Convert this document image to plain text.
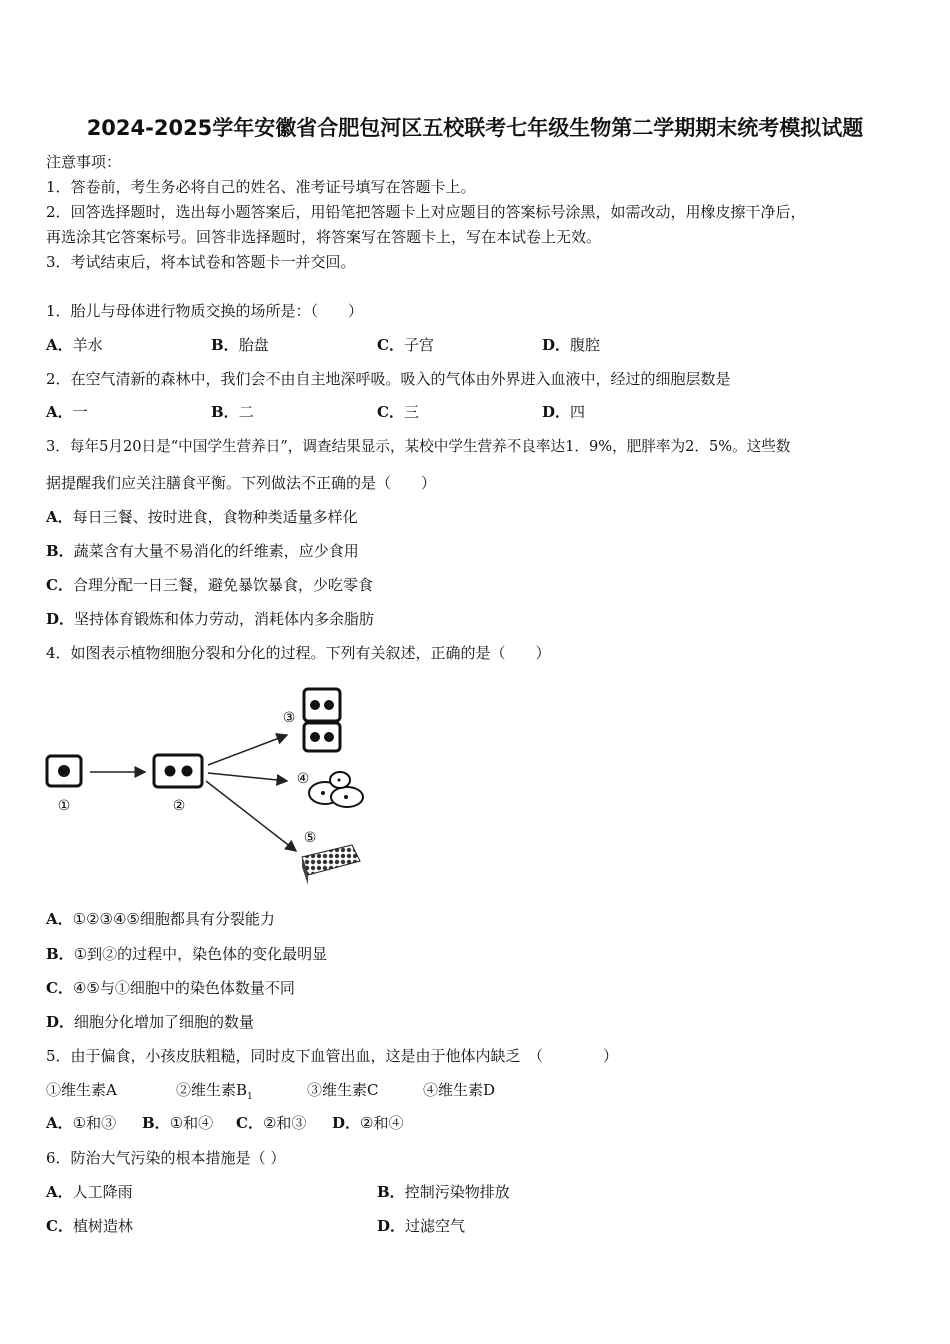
2024-2025学年安徽省合肥包河区五校联考七年级生物第二学期期末统考模拟试题
注意事项：
1．答卷前，考生务必将自己的姓名、准考证号填写在答题卡上。
2．回答选择题时，选出每小题答案后，用铅笔把答题卡上对应题目的答案标号涂黑，如需改动，用橡皮擦干净后，
再选涂其它答案标号。回答非选择题时，将答案写在答题卡上，写在本试卷上无效。
3．考试结束后，将本试卷和答题卡一并交回。
1．胎儿与母体进行物质交换的场所是：（　　）
A．羊水	B．胎盘	C．子宫	D．腹腔
2．在空气清新的森林中，我们会不由自主地深呼吸。吸入的气体由外界进入血液中，经过的细胞层数是
A．一	B．二	C．三	D．四
3．每年5月20日是“中国学生营养日”，调查结果显示，某校中学生营养不良率达1．9%，肥胖率为2．5%。这些数
据提醒我们应关注膳食平衡。下列做法不正确的是（　　）
A．每日三餐、按时进食，食物种类适量多样化
B．蔬菜含有大量不易消化的纤维素，应少食用
C．合理分配一日三餐，避免暴饮暴食，少吃零食
D．坚持体育锻炼和体力劳动，消耗体内多余脂肪
4．如图表示植物细胞分裂和分化的过程。下列有关叙述，正确的是（　　）
①	②
③
④
⑤
A．①②③④⑤细胞都具有分裂能力
B．①到②的过程中，染色体的变化最明显
C．④⑤与①细胞中的染色体数量不同
D．细胞分化增加了细胞的数量
5．由于偏食，小孩皮肤粗糙，同时皮下血管出血，这是由于他体内缺乏　（　　　　）
①维生素A	②维生素$B_1$	③维生素C	④维生素D
A．①和③ B．①和④ C．②和③ D．②和④
6．防治大气污染的根本措施是（ ）
A．人工降雨	B．控制污染物排放
C．植树造林	D．过滤空气
